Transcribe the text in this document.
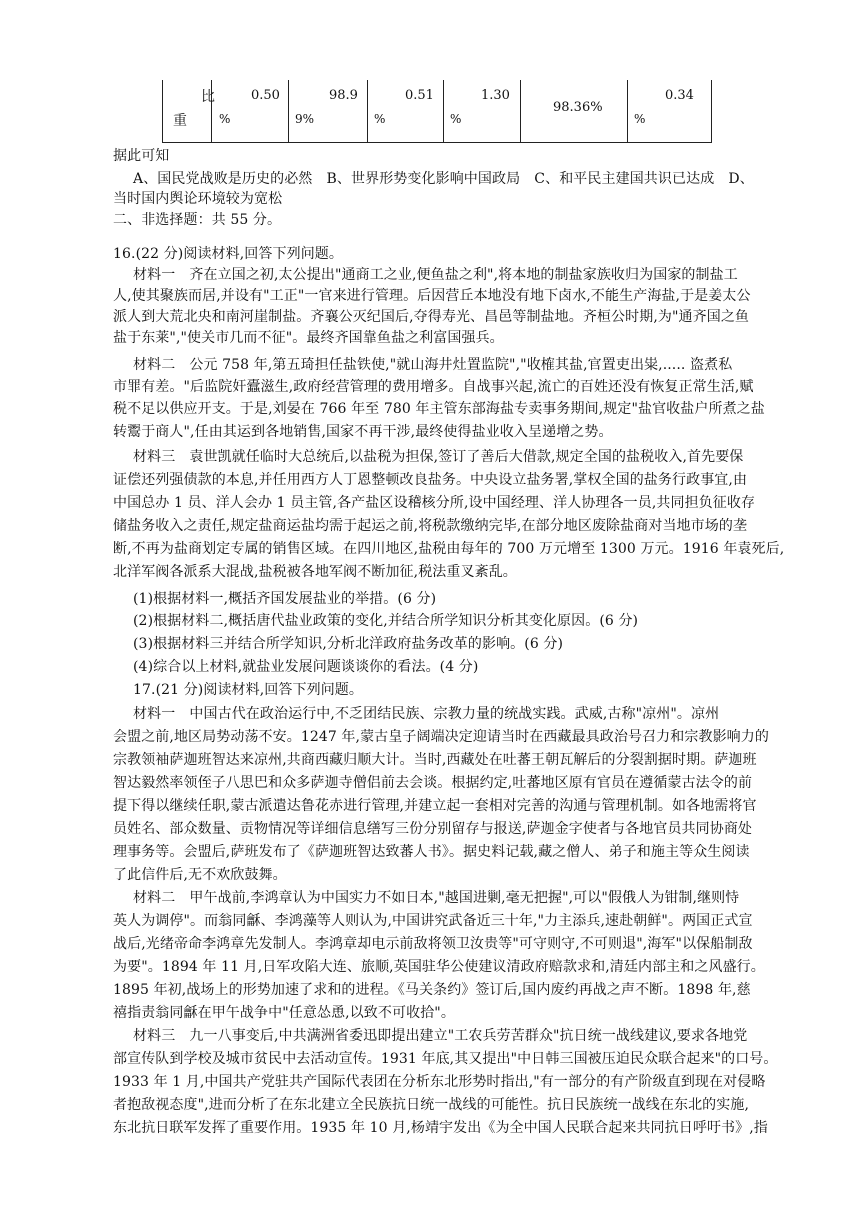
比
重
0.50
%
98.9
9%
0.51
%
1.30
%
98.36%
0.34
%
据此可知
A、国民党战败是历史的必然　B、世界形势变化影响中国政局　C、和平民主建国共识已达成　D、
当时国内舆论环境较为宽松
二、非选择题：共 55 分。
16.(22 分)阅读材料,回答下列问题。
材料一　齐在立国之初,太公提出"通商工之业,便鱼盐之利",将本地的制盐家族收归为国家的制盐工
人,使其聚族而居,并设有"工正"一官来进行管理。后因营丘本地没有地下卤水,不能生产海盐,于是姜太公
派人到大荒北央和南河崖制盐。齐襄公灭纪国后,夺得寿光、昌邑等制盐地。齐桓公时期,为"通齐国之鱼
盐于东莱","使关市几而不征"。最终齐国靠鱼盐之利富国强兵。
材料二　公元 758 年,第五琦担任盐铁使,"就山海井灶置监院","收榷其盐,官置吏出粜,..... 盗煮私
市罪有差。"后监院奸蠹滋生,政府经营管理的费用增多。自战事兴起,流亡的百姓还没有恢复正常生活,赋
税不足以供应开支。于是,刘晏在 766 年至 780 年主管东部海盐专卖事务期间,规定"盐官收盐户所煮之盐
转鬻于商人",任由其运到各地销售,国家不再干涉,最终使得盐业收入呈递增之势。
材料三　袁世凯就任临时大总统后,以盐税为担保,签订了善后大借款,规定全国的盐税收入,首先要保
证偿还列强债款的本息,并任用西方人丁恩整顿改良盐务。中央设立盐务署,掌权全国的盐务行政事宜,由
中国总办 1 员、洋人会办 1 员主管,各产盐区设稽核分所,设中国经理、洋人协理各一员,共同担负征收存
储盐务收入之责任,规定盐商运盐均需于起运之前,将税款缴纳完毕,在部分地区废除盐商对当地市场的垄
断,不再为盐商划定专属的销售区域。在四川地区,盐税由每年的 700 万元增至 1300 万元。1916 年袁死后,
北洋军阀各派系大混战,盐税被各地军阀不断加征,税法重叉紊乱。
(1)根据材料一,概括齐国发展盐业的举措。(6 分)
(2)根据材料二,概括唐代盐业政策的变化,并结合所学知识分析其变化原因。(6 分)
(3)根据材料三并结合所学知识,分析北洋政府盐务改革的影响。(6 分)
(4)综合以上材料,就盐业发展问题谈谈你的看法。(4 分)
17.(21 分)阅读材料,回答下列问题。
材料一　中国古代在政治运行中,不乏团结民族、宗教力量的统战实践。武威,古称"凉州"。凉州
会盟之前,地区局势动荡不安。1247 年,蒙古皇子阔端决定迎请当时在西藏最具政治号召力和宗教影响力的
宗教领袖萨迦班智达来凉州,共商西藏归顺大计。当时,西藏处在吐蕃王朝瓦解后的分裂割据时期。萨迦班
智达毅然率领侄子八思巴和众多萨迦寺僧侣前去会谈。根据约定,吐蕃地区原有官员在遵循蒙古法令的前
提下得以继续任职,蒙古派遣达鲁花赤进行管理,并建立起一套相对完善的沟通与管理机制。如各地需将官
员姓名、部众数量、贡物情况等详细信息缮写三份分别留存与报送,萨迦金字使者与各地官员共同协商处
理事务等。会盟后,萨班发布了《萨迦班智达致蕃人书》。据史料记载,藏之僧人、弟子和施主等众生阅读
了此信件后,无不欢欣鼓舞。
材料二　甲午战前,李鸿章认为中国实力不如日本,"越国进剿,毫无把握",可以"假俄人为钳制,继则恃
英人为调停"。而翁同龢、李鸿藻等人则认为,中国讲究武备近三十年,"力主添兵,速赴朝鲜"。两国正式宣
战后,光绪帝命李鸿章先发制人。李鸿章却电示前敌将领卫汝贵等"可守则守,不可则退",海军"以保船制敌
为要"。1894 年 11 月,日军攻陷大连、旅顺,英国驻华公使建议清政府赔款求和,清廷内部主和之风盛行。
1895 年初,战场上的形势加速了求和的进程。《马关条约》签订后,国内废约再战之声不断。1898 年,慈
禧指责翁同龢在甲午战争中"任意怂恿,以致不可收拾"。
材料三　九一八事变后,中共满洲省委迅即提出建立"工农兵劳苦群众"抗日统一战线建议,要求各地党
部宣传队到学校及城市贫民中去活动宣传。1931 年底,其又提出"中日韩三国被压迫民众联合起来"的口号。
1933 年 1 月,中国共产党驻共产国际代表团在分析东北形势时指出,"有一部分的有产阶级直到现在对侵略
者抱敌视态度",进而分析了在东北建立全民族抗日统一战线的可能性。抗日民族统一战线在东北的实施,
东北抗日联军发挥了重要作用。1935 年 10 月,杨靖宇发出《为全中国人民联合起来共同抗日呼吁书》,指
